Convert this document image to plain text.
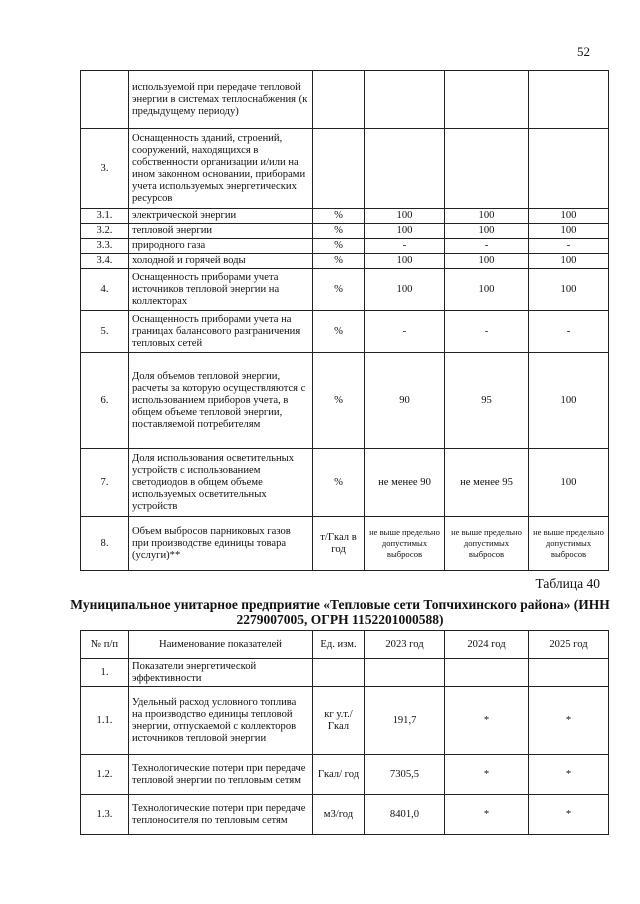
52
	используемой при передаче тепловой энергии в системах теплоснабжения (к предыдущему периоду)				
3.	Оснащенность зданий, строений, сооружений, находящихся в собственности организации и/или на ином законном основании, приборами учета используемых энергетических ресурсов				
3.1.	электрической энергии	%	100	100	100
3.2.	тепловой энергии	%	100	100	100
3.3.	природного газа	%	-	-	-
3.4.	холодной и горячей воды	%	100	100	100
4.	Оснащенность приборами учета источников тепловой энергии на коллекторах	%	100	100	100
5.	Оснащенность приборами учета на границах балансового разграничения тепловых сетей	%	-	-	-
6.	Доля объемов тепловой энергии, расчеты за которую осуществляются с использованием приборов учета, в общем объеме тепловой энергии, поставляемой потребителям	%	90	95	100
7.	Доля использования осветительных устройств с использованием светодиодов в общем объеме используемых осветительных устройств	%	не менее 90	не менее 95	100
8.	Объем выбросов парниковых газов при производстве единицы товара (услуги)**	т/Гкал в год	не выше предельно допустимых выбросов	не выше предельно допустимых выбросов	не выше предельно допустимых выбросов
Таблица 40
Муниципальное унитарное предприятие «Тепловые сети Топчихинского района» (ИНН 2279007005, ОГРН 1152201000588)
№ п/п	Наименование показателей	Ед. изм.	2023 год	2024 год	2025 год
1.	Показатели энергетической эффективности				
1.1.	Удельный расход условного топлива на производство единицы тепловой энергии, отпускаемой с коллекторов источников тепловой энергии	кг у.т./ Гкал	191,7	*	*
1.2.	Технологические потери при передаче тепловой энергии по тепловым сетям	Гкал/ год	7305,5	*	*
1.3.	Технологические потери при передаче теплоносителя по тепловым сетям	м3/год	8401,0	*	*
